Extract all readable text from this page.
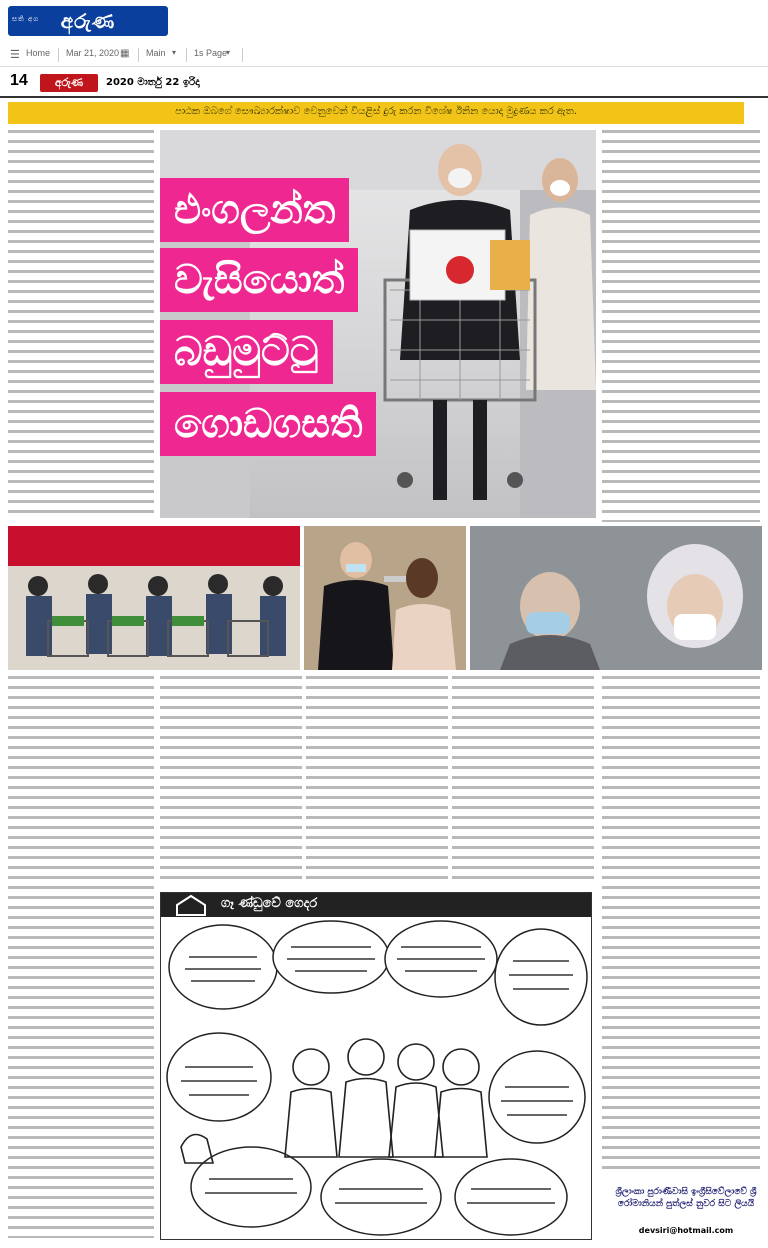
සති අග අරුණ
☰ Home Mar 21, 2020 ▦ Main ▾ 1s Page
▾
14	අරුණ	2020 මාර්තු 22 ඉරිදා
පාඨක ඔබගේ සෞඛ්‍යාරක්ෂාව වෙනුවෙන් වියළිස් දුරු කරන විශේෂ ඊනින යොදා මුද්‍රණය කර ඇත.
එංගලන්ත
වැසියොත්
බඩුමුට්ටු
ගොඩගසති
ගෑ ණ්ඩුවේ ගෙදර
ශ්‍රීලාංකා පුරාණීවාසි ඉංග්‍රීසිවේලාවේ ශ්‍රී රෝමානියන් පුත්ලස් නුවර සිට ලියයි
devsiri@hotmail.com
